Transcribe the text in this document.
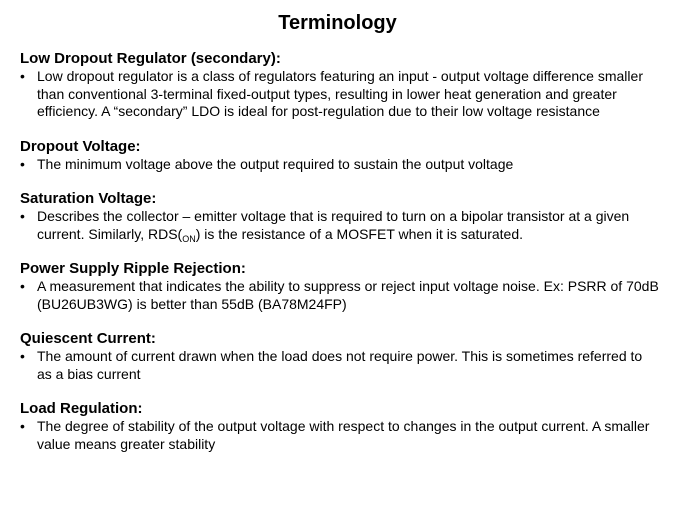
Terminology
Low Dropout Regulator (secondary):
• Low dropout regulator is a class of regulators featuring an input - output voltage difference smaller than conventional 3-terminal fixed-output types, resulting in lower heat generation and greater efficiency. A “secondary” LDO is ideal for post-regulation due to their low voltage resistance
Dropout Voltage:
• The minimum voltage above the output required to sustain the output voltage
Saturation Voltage:
• Describes the collector – emitter voltage that is required to turn on a bipolar transistor at a given current. Similarly, $RDS(_{ON})$ is the resistance of a MOSFET when it is saturated.
Power Supply Ripple Rejection:
• A measurement that indicates the ability to suppress or reject input voltage noise. Ex: PSRR of 70dB (BU26UB3WG) is better than 55dB (BA78M24FP)
Quiescent Current:
• The amount of current drawn when the load does not require power. This is sometimes referred to as a bias current
Load Regulation:
• The degree of stability of the output voltage with respect to changes in the output current. A smaller value means greater stability
